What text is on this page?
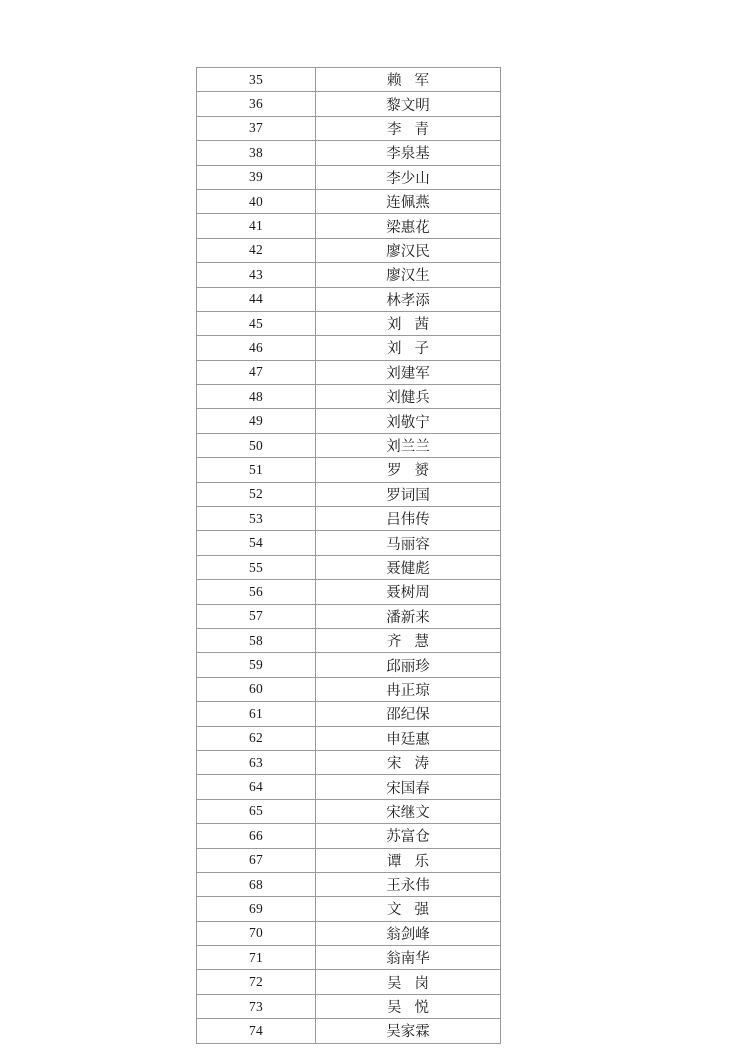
35	赖 军
36	黎文明
37	李 青
38	李泉基
39	李少山
40	连佩燕
41	梁惠花
42	廖汉民
43	廖汉生
44	林孝添
45	刘 茜
46	刘 子
47	刘建军
48	刘健兵
49	刘敬宁
50	刘兰兰
51	罗 赟
52	罗词国
53	吕伟传
54	马丽容
55	聂健彪
56	聂树周
57	潘新来
58	齐 慧
59	邱丽珍
60	冉正琼
61	邵纪保
62	申廷惠
63	宋 涛
64	宋国春
65	宋继文
66	苏富仓
67	谭 乐
68	王永伟
69	文 强
70	翁剑峰
71	翁南华
72	吴 岗
73	吴 悦
74	吴家霖
